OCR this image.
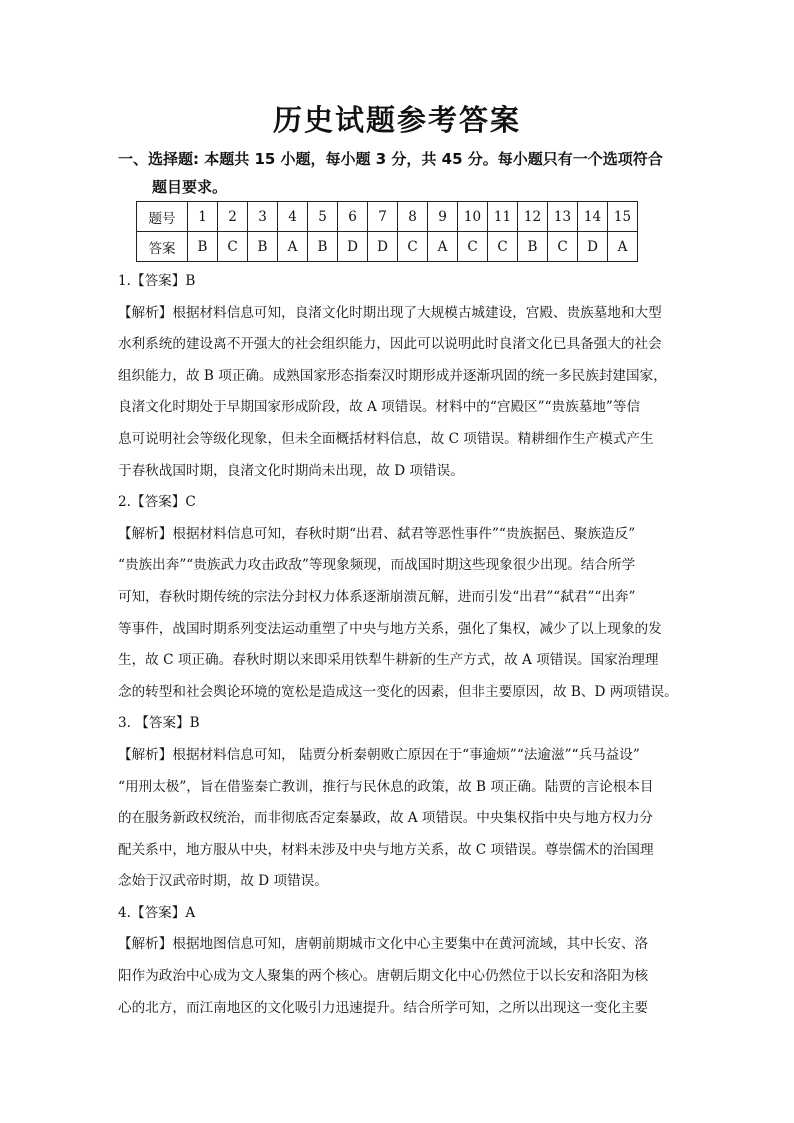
历史试题参考答案
一、选择题: 本题共 15 小题，每小题 3 分，共 45 分。每小题只有一个选项符合
题目要求。
题号	1	2	3	4	5	6	7	8	9	10	11	12	13	14	15
答案	B	C	B	A	B	D	D	C	A	C	C	B	C	D	A
1.【答案】B
【解析】根据材料信息可知，良渚文化时期出现了大规模古城建设，宫殿、贵族墓地和大型
水利系统的建设离不开强大的社会组织能力，因此可以说明此时良渚文化已具备强大的社会
组织能力，故 B 项正确。成熟国家形态指秦汉时期形成并逐渐巩固的统一多民族封建国家，
良渚文化时期处于早期国家形成阶段，故 A 项错误。材料中的“宫殿区”“贵族墓地”等信
息可说明社会等级化现象，但未全面概括材料信息，故 C 项错误。精耕细作生产模式产生
于春秋战国时期，良渚文化时期尚未出现，故 D 项错误。
2.【答案】C
【解析】根据材料信息可知，春秋时期“出君、弑君等恶性事件”“贵族据邑、聚族造反”
“贵族出奔”“贵族武力攻击政敌”等现象频现，而战国时期这些现象很少出现。结合所学
可知，春秋时期传统的宗法分封权力体系逐渐崩溃瓦解，进而引发“出君”“弑君”“出奔”
等事件，战国时期系列变法运动重塑了中央与地方关系，强化了集权，减少了以上现象的发
生，故 C 项正确。春秋时期以来即采用铁犁牛耕新的生产方式，故 A 项错误。国家治理理
念的转型和社会舆论环境的宽松是造成这一变化的因素，但非主要原因，故 B、D 两项错误。
3. 【答案】B
【解析】根据材料信息可知， 陆贾分析秦朝败亡原因在于“事逾烦”“法逾滋”“兵马益设”
“用刑太极”，旨在借鉴秦亡教训，推行与民休息的政策，故 B 项正确。陆贾的言论根本目
的在服务新政权统治，而非彻底否定秦暴政，故 A 项错误。中央集权指中央与地方权力分
配关系中，地方服从中央，材料未涉及中央与地方关系，故 C 项错误。尊崇儒术的治国理
念始于汉武帝时期，故 D 项错误。
4.【答案】A
【解析】根据地图信息可知，唐朝前期城市文化中心主要集中在黄河流域，其中长安、洛
阳作为政治中心成为文人聚集的两个核心。唐朝后期文化中心仍然位于以长安和洛阳为核
心的北方，而江南地区的文化吸引力迅速提升。结合所学可知，之所以出现这一变化主要
